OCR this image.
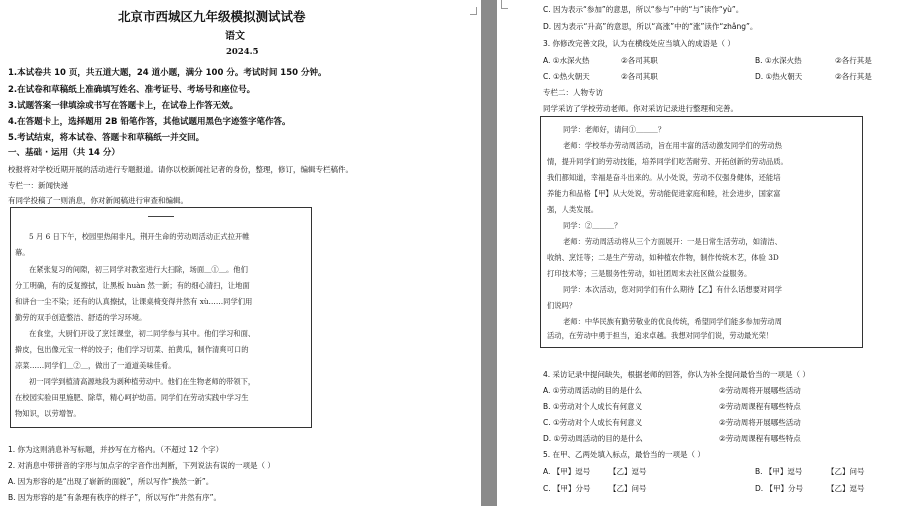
北京市西城区九年级模拟测试试卷
语文
2024.5
1.本试卷共 10 页，共五道大题，24 道小题，满分 100 分。考试时间 150 分钟。
2.在试卷和草稿纸上准确填写姓名、准考证号、考场号和座位号。
3.试题答案一律填涂或书写在答题卡上，在试卷上作答无效。
4.在答题卡上，选择题用 2B 铅笔作答，其他试题用黑色字迹签字笔作答。
5.考试结束，将本试卷、答题卡和草稿纸一并交回。
一、基础 · 运用（共 14 分）
校报将对学校近期开展的活动进行专题报道。请你以校新闻社记者的身份，整理，修订，编辑专栏稿件。
专栏一：新闻快递
有同学投稿了一则消息，你对新闻稿进行审查和编辑。
5 月 6 日下午，校园里热闹非凡，荆开生命的劳动周活动正式拉开帷
幕。
在紧张复习的间隙，初三同学对教室进行大扫除，场面＿①＿。他们
分工明确，有的反复擦拭，让黑板 huàn 然一新；有的细心清扫，让地面
和讲台一尘不染；还有的认真擦拭，让课桌椅变得井然有 xù……同学们用
勤劳的双手创造整洁、舒适的学习环境。
在食堂，大厨们开设了烹饪课堂，初二同学参与其中。他们学习和面、
擀皮，包出像元宝一样的饺子；他们学习切菜、拍黄瓜，制作清爽可口的
凉菜……同学们＿②＿，做出了一道道美味佳肴。
初一同学到植清高源地段为剥种植劳动中。他们在生物老师的带领下，
在校园实验田里施肥、除草，精心呵护幼苗。同学们在劳动实践中学习生
物知识，以劳增智。
1. 你为这则消息补写标题，并抄写在方格内。（不超过 12 个字）
2. 对消息中带拼音的字形与加点字的字音作出判断，下列说法有误的一项是（ ）
A. 因为形容的是“出现了崭新的面貌”，所以写作“换然一新”。
B. 因为形容的是“有条理有秩序的样子”，所以写作“井然有序”。
C. 因为表示“参加”的意思，所以“参与”中的“与”读作“yù”。
D. 因为表示“升高”的意思，所以“高涨”中的“涨”读作“zhǎng”。
3. 你修改完善文段，认为在横线处应当填入的成语是（ ）
A. ①水深火热	②各司其职	B. ①水深火热	②各行其是
C. ①热火朝天	②各司其职	D. ①热火朝天	②各行其是
专栏二：人物专访
同学采访了学校劳动老师。你对采访记录进行整理和完善。
同学：老师好，请问①＿＿＿？
老师：学校举办劳动周活动，旨在用丰富的活动激发同学们的劳动热
情，提升同学们的劳动技能，培养同学们吃苦耐劳、开拓创新的劳动品质。
我们都知道，幸福是奋斗出来的。从小处说，劳动不仅强身健体，还能培
养能力和品格【甲】从大处说，劳动能促进家庭和睦，社会进步，国家富
强，人类发展。
同学：②＿＿＿？
老师：劳动周活动将从三个方面展开：一是日常生活劳动，如清洁、
收纳、烹饪等；二是生产劳动，如种植农作物，制作传统木艺，体验 3D
打印技术等；三是服务性劳动，如社团周末去社区做公益服务。
同学：本次活动，您对同学们有什么期待【乙】有什么话想要对同学
们说吗？
老师：中华民族有勤劳敬业的优良传统，希望同学们能多参加劳动周
活动，在劳动中勇于担当，追求卓越。我想对同学们说，劳动最光荣！
4. 采访记录中提问缺失，根据老师的回答，你认为补全提问最恰当的一项是（ ）
A. ①劳动周活动的目的是什么	②劳动周将开展哪些活动
B. ①劳动对个人成长有何意义	②劳动周课程有哪些特点
C. ①劳动对个人成长有何意义	②劳动周将开展哪些活动
D. ①劳动周活动的目的是什么	②劳动周课程有哪些特点
5. 在甲、乙两处填入标点，最恰当的一项是（ ）
A. 【甲】逗号 【乙】逗号	B. 【甲】逗号	【乙】问号
C. 【甲】分号 【乙】问号	D. 【甲】分号	【乙】逗号
